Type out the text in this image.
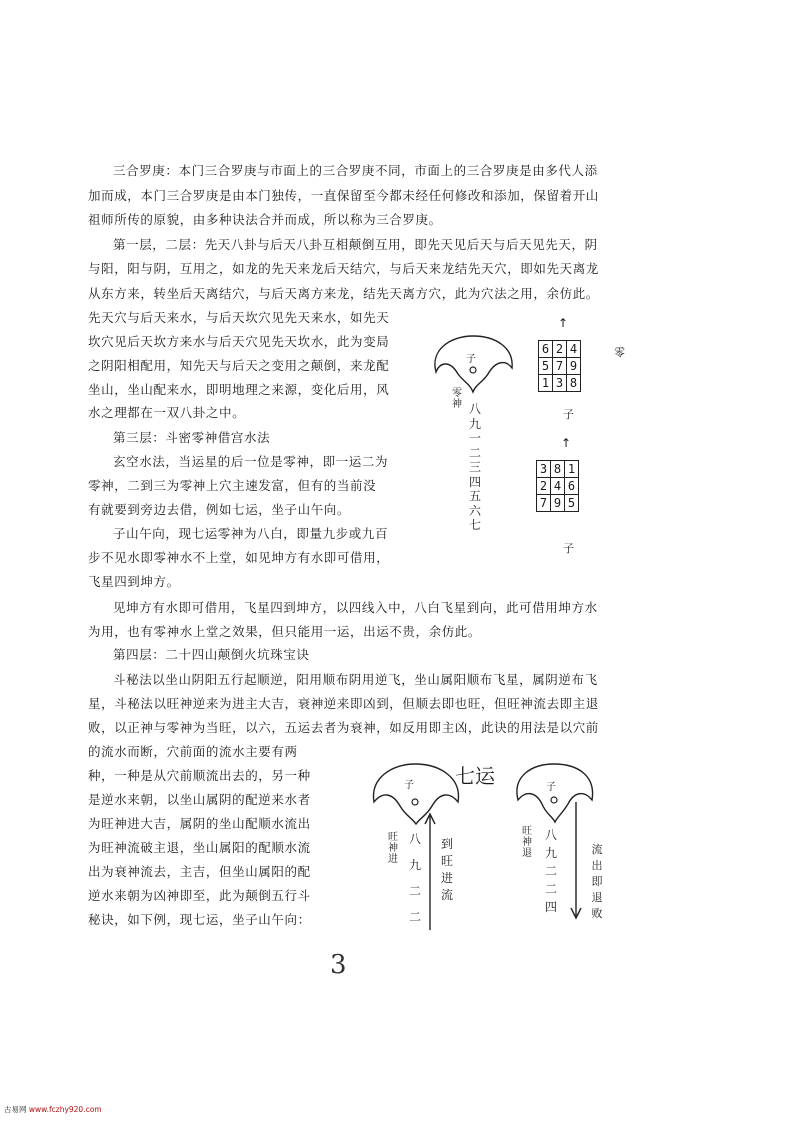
三合罗庚：本门三合罗庚与市面上的三合罗庚不同，市面上的三合罗庚是由多代人添
加而成，本门三合罗庚是由本门独传，一直保留至今都未经任何修改和添加，保留着开山
祖师所传的原貌，由多种诀法合并而成，所以称为三合罗庚。
第一层，二层：先天八卦与后天八卦互相颠倒互用，即先天见后天与后天见先天，阴
与阳，阳与阴，互用之，如龙的先天来龙后天结穴，与后天来龙结先天穴，即如先天离龙
从东方来，转坐后天离结穴，与后天离方来龙，结先天离方穴，此为穴法之用，余仿此。
先天穴与后天来水，与后天坎穴见先天来水，如先天
坎穴见后天坎方来水与后天穴见先天坎水，此为变局
之阴阳相配用，知先天与后天之变用之颠倒，来龙配
坐山，坐山配来水，即明地理之来源，变化后用，风
水之理都在一双八卦之中。
第三层：斗密零神借宫水法
玄空水法，当运星的后一位是零神，即一运二为
零神，二到三为零神上穴主速发富，但有的当前没
有就要到旁边去借，例如七运，坐子山午向。
子山午向，现七运零神为八白，即量九步或九百
步不见水即零神水不上堂，如见坤方有水即可借用，
飞星四到坤方。
见坤方有水即可借用，飞星四到坤方，以四线入中，八白飞星到向，此可借用坤方水
为用，也有零神水上堂之效果，但只能用一运，出运不贵，余仿此。
第四层：二十四山颠倒火坑珠宝诀
斗秘法以坐山阴阳五行起顺逆，阳用顺布阴用逆飞，坐山属阳顺布飞星，属阴逆布飞
星，斗秘法以旺神逆来为进主大吉，衰神逆来即凶到，但顺去即也旺，但旺神流去即主退
败，以正神与零神为当旺，以六，五运去者为衰神，如反用即主凶，此诀的用法是以穴前
的流水而断，穴前面的流水主要有两
种，一种是从穴前顺流出去的，另一种
是逆水来朝，以坐山属阴的配逆来水者
为旺神进大吉，属阴的坐山配顺水流出
为旺神流破主退，坐山属阳的配顺水流
出为衰神流去，主吉，但坐山属阳的配
逆水来朝为凶神即至，此为颠倒五行斗
秘诀，如下例，现七运，坐子山午向：
子
零神 八九一二三四五六七
↑
6	2	4
5	7	9
1	3	8
零
子
↑
3	8	1
2	4	6
7	9	5
子
子 七运
旺神进
八九二二
到旺进流
子
旺神退
八九二二四
流出即退败
3
古易网 www.fczhy920.com
